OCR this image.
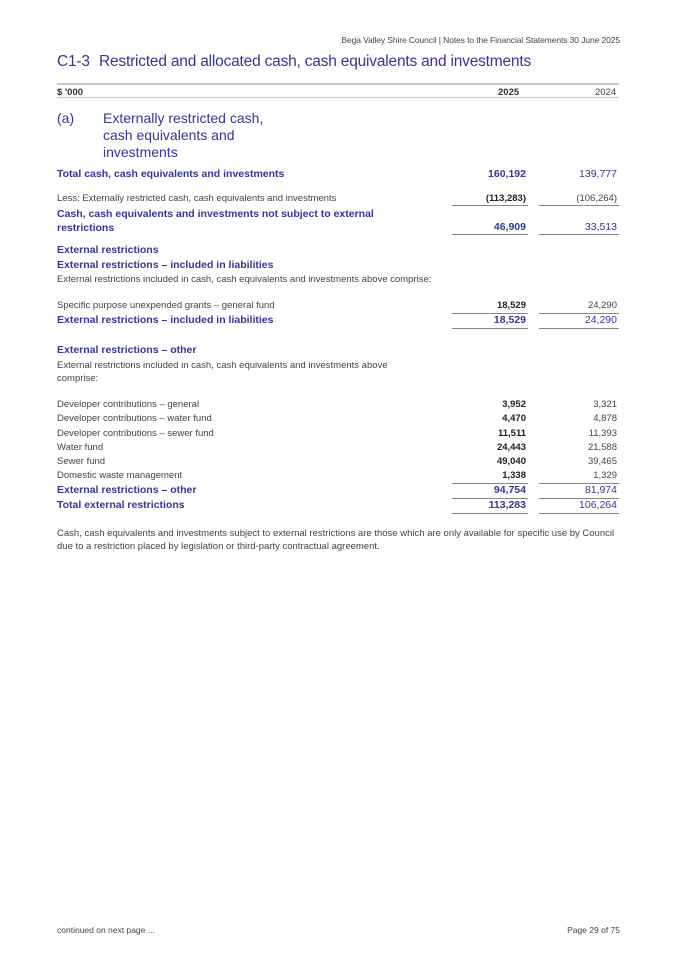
Bega Valley Shire Council | Notes to the Financial Statements 30 June 2025
C1-3 Restricted and allocated cash, cash equivalents and investments
$ '000	2025	2024
(a) Externally restricted cash, cash equivalents and investments
Total cash, cash equivalents and investments	160,192	139,777
Less: Externally restricted cash, cash equivalents and investments	(113,283)	(106,264)
Cash, cash equivalents and investments not subject to external
restrictions	46,909	33,513
External restrictions
External restrictions – included in liabilities
External restrictions included in cash, cash equivalents and investments above comprise:
Specific purpose unexpended grants – general fund	18,529	24,290
External restrictions – included in liabilities	18,529	24,290
External restrictions – other
External restrictions included in cash, cash equivalents and investments above comprise:
Developer contributions – general	3,952	3,321
Developer contributions – water fund	4,470	4,878
Developer contributions – sewer fund	11,511	11,393
Water fund	24,443	21,588
Sewer fund	49,040	39,465
Domestic waste management	1,338	1,329
External restrictions – other	94,754	81,974
Total external restrictions	113,283	106,264
Cash, cash equivalents and investments subject to external restrictions are those which are only available for specific use by Council due to a restriction placed by legislation or third-party contractual agreement.
continued on next page ...	Page 29 of 75
